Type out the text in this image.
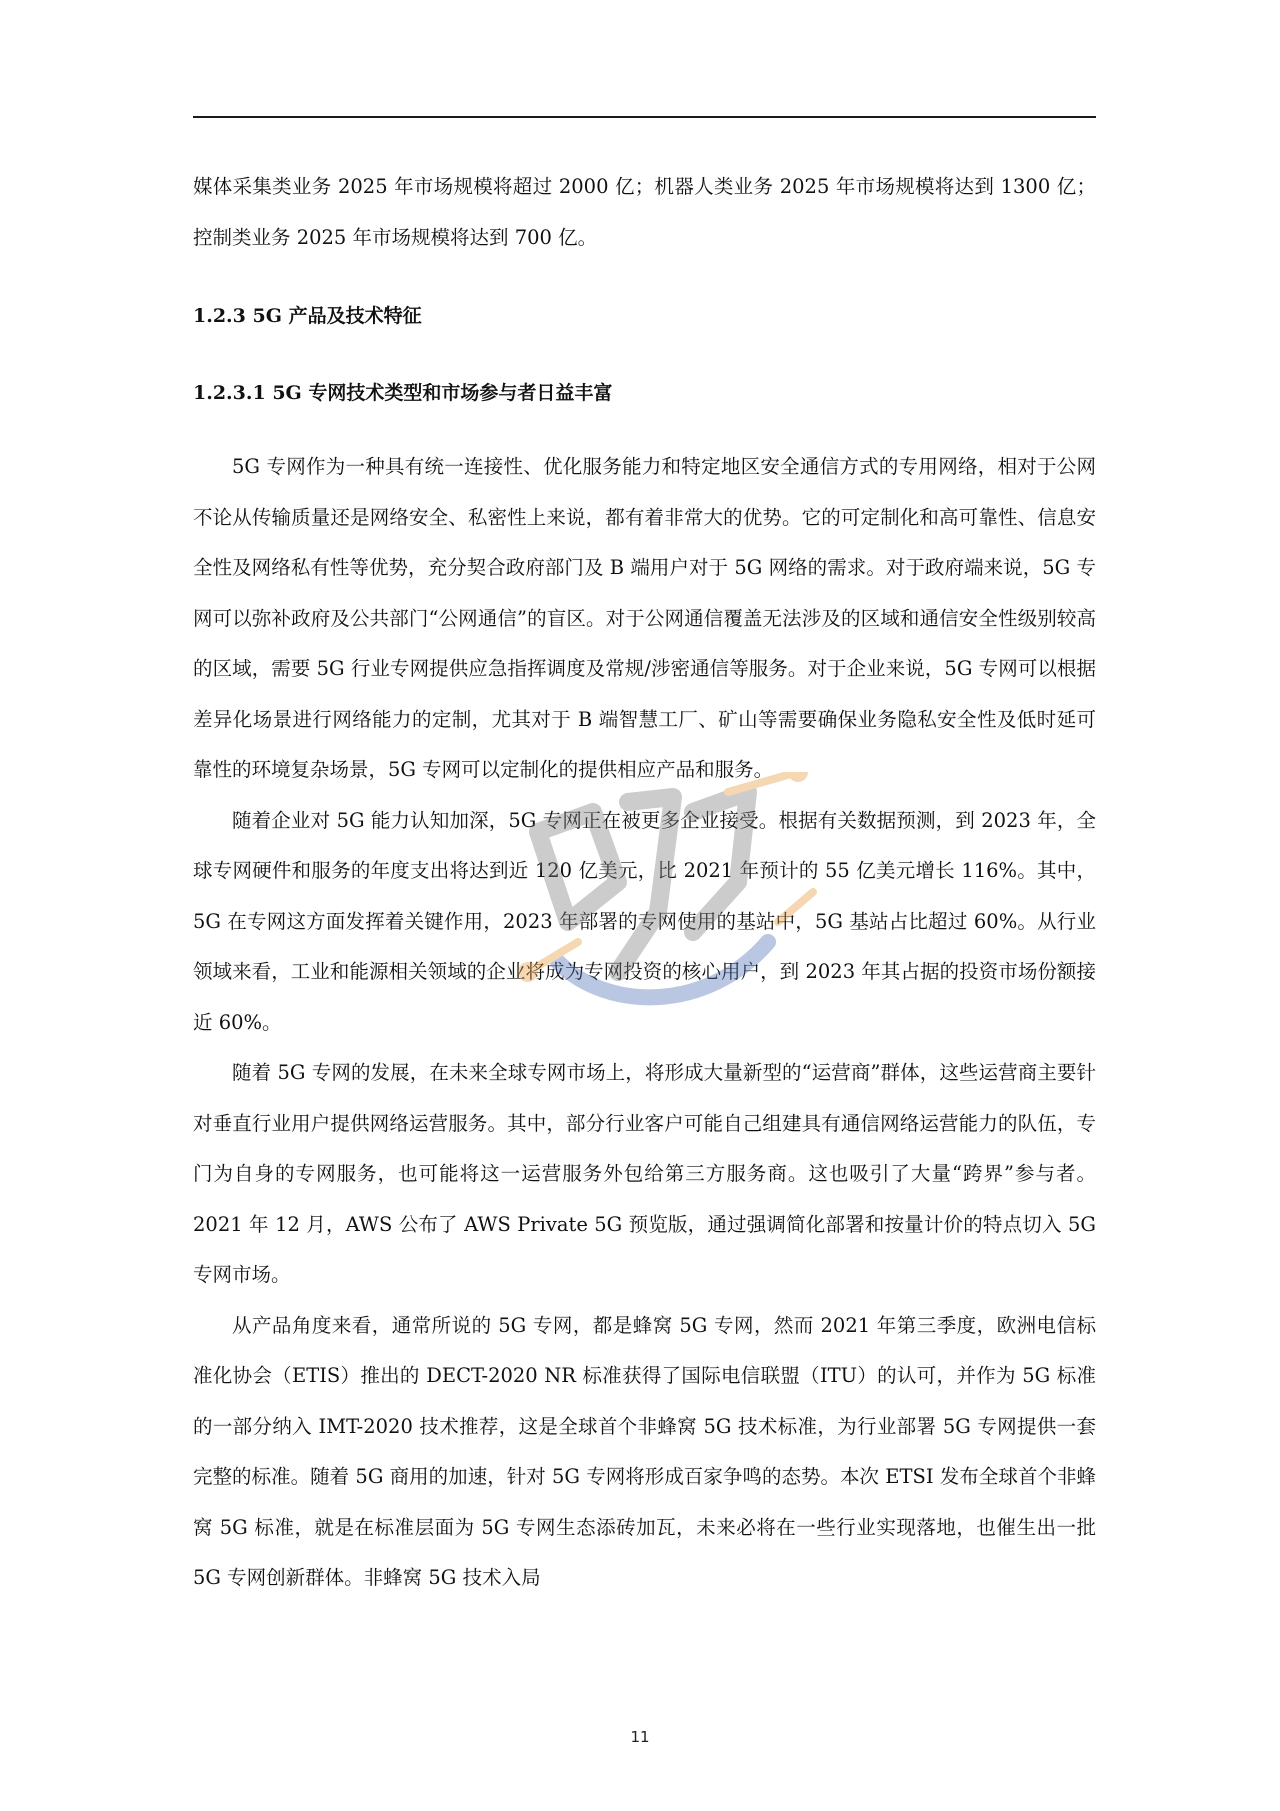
媒体采集类业务 2025 年市场规模将超过 2000 亿；机器人类业务 2025 年市场规模将达到 1300 亿；控制类业务 2025 年市场规模将达到 700 亿。

1.2.3 5G 产品及技术特征
1.2.3.1 5G 专网技术类型和市场参与者日益丰富

5G 专网作为一种具有统一连接性、优化服务能力和特定地区安全通信方式的专用网络，相对于公网不论从传输质量还是网络安全、私密性上来说，都有着非常大的优势。它的可定制化和高可靠性、信息安全性及网络私有性等优势，充分契合政府部门及 B 端用户对于 5G 网络的需求。对于政府端来说，5G 专网可以弥补政府及公共部门“公网通信”的盲区。对于公网通信覆盖无法涉及的区域和通信安全性级别较高的区域，需要 5G 行业专网提供应急指挥调度及常规/涉密通信等服务。对于企业来说，5G 专网可以根据差异化场景进行网络能力的定制，尤其对于 B 端智慧工厂、矿山等需要确保业务隐私安全性及低时延可靠性的环境复杂场景，5G 专网可以定制化的提供相应产品和服务。

随着企业对 5G 能力认知加深，5G 专网正在被更多企业接受。根据有关数据预测，到 2023 年，全球专网硬件和服务的年度支出将达到近 120 亿美元，比 2021 年预计的 55 亿美元增长 116%。其中，5G 在专网这方面发挥着关键作用，2023 年部署的专网使用的基站中，5G 基站占比超过 60%。从行业领域来看，工业和能源相关领域的企业将成为专网投资的核心用户，到 2023 年其占据的投资市场份额接近 60%。

随着 5G 专网的发展，在未来全球专网市场上，将形成大量新型的“运营商”群体，这些运营商主要针对垂直行业用户提供网络运营服务。其中，部分行业客户可能自己组建具有通信网络运营能力的队伍，专门为自身的专网服务，也可能将这一运营服务外包给第三方服务商。这也吸引了大量“跨界”参与者。2021 年 12 月，AWS 公布了 AWS Private 5G 预览版，通过强调简化部署和按量计价的特点切入 5G 专网市场。

从产品角度来看，通常所说的 5G 专网，都是蜂窝 5G 专网，然而 2021 年第三季度，欧洲电信标准化协会（ETIS）推出的 DECT-2020 NR 标准获得了国际电信联盟（ITU）的认可，并作为 5G 标准的一部分纳入 IMT-2020 技术推荐，这是全球首个非蜂窝 5G 技术标准，为行业部署 5G 专网提供一套完整的标准。随着 5G 商用的加速，针对 5G 专网将形成百家争鸣的态势。本次 ETSI 发布全球首个非蜂窝 5G 标准，就是在标准层面为 5G 专网生态添砖加瓦，未来必将在一些行业实现落地，也催生出一批 5G 专网创新群体。非蜂窝 5G 技术入局

11
